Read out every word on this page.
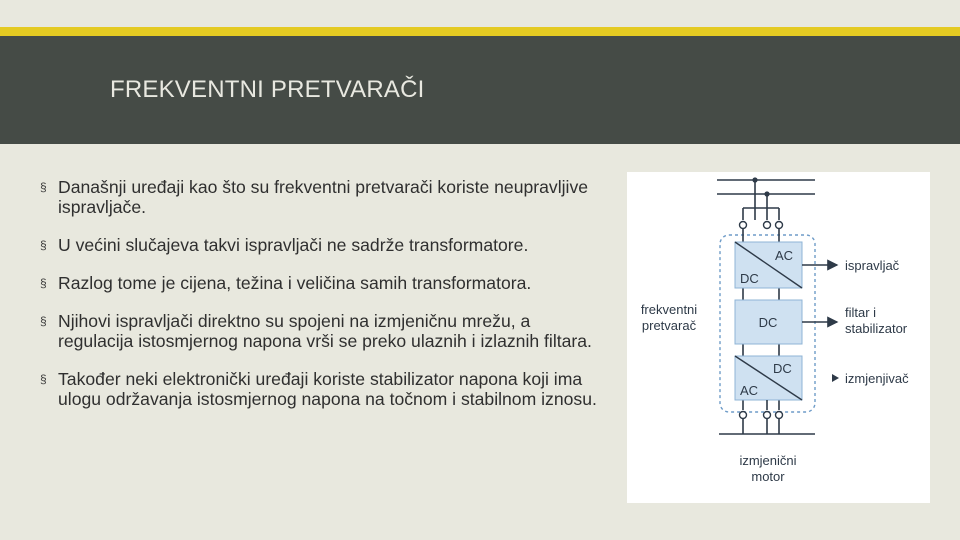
FREKVENTNI PRETVARAČI
§ Današnji uređaji kao što su frekventni pretvarači koriste neupravljive ispravljače.
§ U većini slučajeva takvi ispravljači ne sadrže transformatore.
§ Razlog tome je cijena, težina i veličina samih transformatora.
§ Njihovi ispravljači direktno su spojeni na izmjeničnu mrežu, a regulacija istosmjernog napona vrši se preko ulaznih i izlaznih filtara.
§ Također neki elektronički uređaji koriste stabilizator napona koji ima ulogu održavanja istosmjernog napona na točnom i stabilnom iznosu.
AC
DC
DC
DC
AC
ispravljač
filtar i
stabilizator
izmjenjivač
frekventni
pretvarač
izmjenični
motor
